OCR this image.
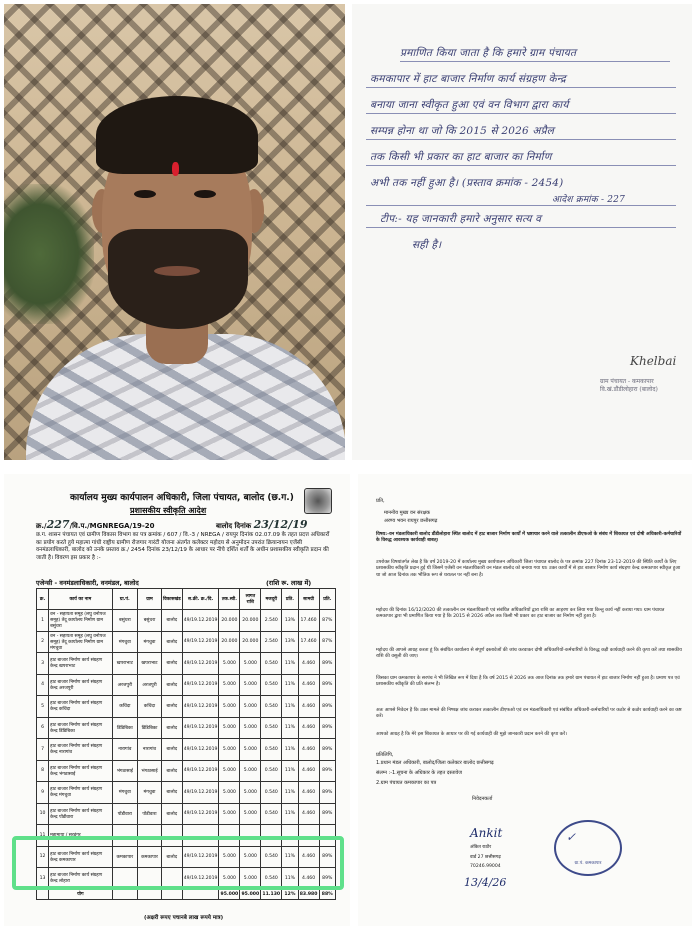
प्रमाणित किया जाता है कि हमारे ग्राम पंचायत
कमकापार में हाट बाजार निर्माण कार्य संग्रहण केन्द्र
बनाया जाना स्वीकृत हुआ एवं वन विभाग द्वारा कार्य
सम्पन्न होना था जो कि 2015 से 2026 अप्रैल
तक किसी भी प्रकार का हाट बाजार का निर्माण
अभी तक नहीं हुआ है। (प्रस्ताव क्रमांक - 2454)
आदेश क्रमांक - 227
टीप:- यह जानकारी हमारे अनुसार सत्य व
सही है।
Khelbai
ग्राम पंचायत - कमकापार
वि.खं.डौंडीलोहारा (बालोद)
कार्यालय मुख्य कार्यपालन अधिकारी, जिला पंचायत, बालोद (छ.ग.)
प्रशासकीय स्वीकृति आदेश
क्र./227/वि.प./MGNREGA/19-20	बालोद दिनांक 23/12/19
छ.ग. शासन पंचायत एवं ग्रामीण विकास विभाग का पत्र क्रमांक / 607 / वि.-3 / NREGA / रायपुर दिनांक 02.07.09 के तहत प्रदत्त अधिकारों का प्रयोग करते हुये महात्मा गांधी राष्ट्रीय ग्रामीण रोजगार गारंटी योजना अंतर्गत कलेक्टर महोदय से अनुमोदन उपरांत क्रियान्वयन एजेंसी वनमंडलाधिकारी, बालोद को उनके प्रस्ताव क्र./ 2454 दिनांक 23/12/19 के आधार पर नीचे दर्शित शर्तों के अधीन प्रशासकीय स्वीकृति प्रदान की जाती है। विवरण इस प्रकार है :-
एजेन्सी - वनमंडलाधिकारी, वनमंडल, बालोद	(राशि रू. लाख में)
क्र.	कार्य का नाम	ग्रा.पं.	ग्राम	विकासखंड	स.क्री. क्र./दि.	तक.स्वी.	लागत राशि	मजदूरी	प्रति.	सामग्री	प्रति.
1	वन - सहायता समूह (लघु वनोपज समूह) तेंदू कार्यालय निर्माण ग्राम बसुंधरा	बसुंधरा	बसुंधरा	बालोद	49/19.12.2019	20.000	20.000	2.540	13%	17.460	87%
2	वन - सहायता समूह (लघु वनोपज समूह) तेंदू कार्यालय निर्माण ग्राम मंगचुवा	मंगचुवा	मंगचुवा	बालोद	49/19.12.2019	20.000	20.000	2.540	13%	17.460	87%
3	हाट बाजार निर्माण कार्य संग्रहण केन्द्र खपराभाट	खपराभाट	खपराभाट	बालोद	49/19.12.2019	5.000	5.000	0.540	11%	4.460	89%
4	हाट बाजार निर्माण कार्य संग्रहण केन्द्र अरजपुरी	अरजपुरी	अरजपुरी	बालोद	49/19.12.2019	5.000	5.000	0.540	11%	4.460	89%
5	हाट बाजार निर्माण कार्य संग्रहण केन्द्र कचिंदा	कचिंदा	कचिंदा	बालोद	49/19.12.2019	5.000	5.000	0.540	11%	4.460	89%
6	हाट बाजार निर्माण कार्य संग्रहण केन्द्र डिंडिबिका	डिंडिबिका	डिंडिबिका	बालोद	49/19.12.2019	5.000	5.000	0.540	11%	4.460	89%
7	हाट बाजार निर्माण कार्य संग्रहण केन्द्र नारागांव	नारागांव	नारागांव	बालोद	49/19.12.2019	5.000	5.000	0.540	11%	4.460	89%
8	हाट बाजार निर्माण कार्य संग्रहण केन्द्र भंगठासाई	भंगठासाई	भंगठासाई	बालोद	49/19.12.2019	5.000	5.000	0.540	11%	4.460	89%
9	हाट बाजार निर्माण कार्य संग्रहण केन्द्र मंगचुवा	मंगचुवा	मंगचुवा	बालोद	49/19.12.2019	5.000	5.000	0.540	11%	4.460	89%
10	हाट बाजार निर्माण कार्य संग्रहण केन्द्र पोंडीवारा	पोंडीवारा	पोंडीवारा	बालोद	49/19.12.2019	5.000	5.000	0.540	11%	4.460	89%
11	महामाया / सुरडूंगर										
12	हाट बाजार निर्माण कार्य संग्रहण केन्द्र कमकापार	कमकापार	कमकापार	बालोद	49/19.12.2019	5.000	5.000	0.540	11%	4.460	89%
13	हाट बाजार निर्माण कार्य संग्रहण केन्द्र लोहारा				49/19.12.2019	5.000	5.000	0.540	11%	4.460	89%
	योग					95.000	95.000	11.130	12%	83.980	88%
(अक्षरी रूपए पचानबे लाख रूपये मात्र)
प्रति,
माननीय मुख्य वन संरक्षक
अरण्य भवन रायपुर छत्तीसगढ़
विषय:-वन मंडलाधिकारी बालोद डौंडीलोहारा स्थित बालोद में हाट बाजार निर्माण कार्यों में भ्रष्टाचार करने वाले तत्कालीन डीएफओ के संबंध में शिकायत एवं दोषी अधिकारी-कर्मचारियों के विरुद्ध आवश्यक कार्यवाही बाबत्।
उपरोक्त विषयांतर्गत लेख है कि वर्ष 2019-20 में कार्यालय मुख्य कार्यपालन अधिकारी जिला पंचायत बालोद के पत्र क्रमांक 227 दिनांक 23-12-2019 की स्थिति कार्यों के लिए प्रशासकीय स्वीकृति प्रदान हुई थी जिसमें एजेंसी वन मंडलाधिकारी वन मंडल बालोद को बनाया गया था। उक्त कार्यों में से हाट बाजार निर्माण कार्य संग्रहण केन्द्र कमकापार स्वीकृत हुआ था जो आज दिनांक तक भौतिक रूप से धरातल पर नहीं बना है।
महोदय की दिनांक 16/12/2020 की तत्कालीन वन मंडलाधिकारी एवं संबंधित अधिकारियों द्वारा राशि का आहरण कर लिया गया किन्तु कार्य नहीं कराया गया। ग्राम पंचायत कमकापार द्वारा भी प्रमाणित किया गया है कि 2015 से 2026 अप्रैल तक किसी भी प्रकार का हाट बाजार का निर्माण नहीं हुआ है।
महोदय की आपसे आग्रह करता हूं कि संबंधित कार्यालय से संपूर्ण दस्तावेजों की जांच करवाकर दोषी अधिकारियों-कर्मचारियों के विरुद्ध कड़ी कार्यवाही करने की कृपा करें तथा शासकीय राशि की वसूली की जाए।
जिसका ग्राम कमकापार के सरपंच ने भी लिखित रूप में दिया है कि वर्ष 2015 से 2026 तक आज दिनांक तक हमारे ग्राम पंचायत में हाट बाजार निर्माण नहीं हुआ है। प्रमाण पत्र एवं प्रशासकीय स्वीकृति की प्रति संलग्न है।
अतः आपसे निवेदन है कि उक्त मामले की निष्पक्ष जांच कराकर तत्कालीन डीएफओ एवं वन मंडलाधिकारी एवं संबंधित अधिकारी-कर्मचारियों पर कठोर से कठोर कार्यवाही करने का कष्ट करें।
आपको आग्रह है कि मेरे इस शिकायत के आधार पर की गई कार्यवाही की मुझे जानकारी प्रदान करने की कृपा करें।
प्रतिलिपि,
1.प्रधान मंडल अधिकारी, बालोद/जिला कलेक्टर बालोद छत्तीसगढ़
संलग्न :-1.सूचना के अधिकार के तहत दस्तावेज
2.ग्राम पंचायत कमकापार का पत्र
निवेदनकर्ता
Ankit
अंकित राठौर
वार्ड 27 छत्तीसगढ़
70246.99004
13/4/26
✓
ग्रा.पं. कमकापार
